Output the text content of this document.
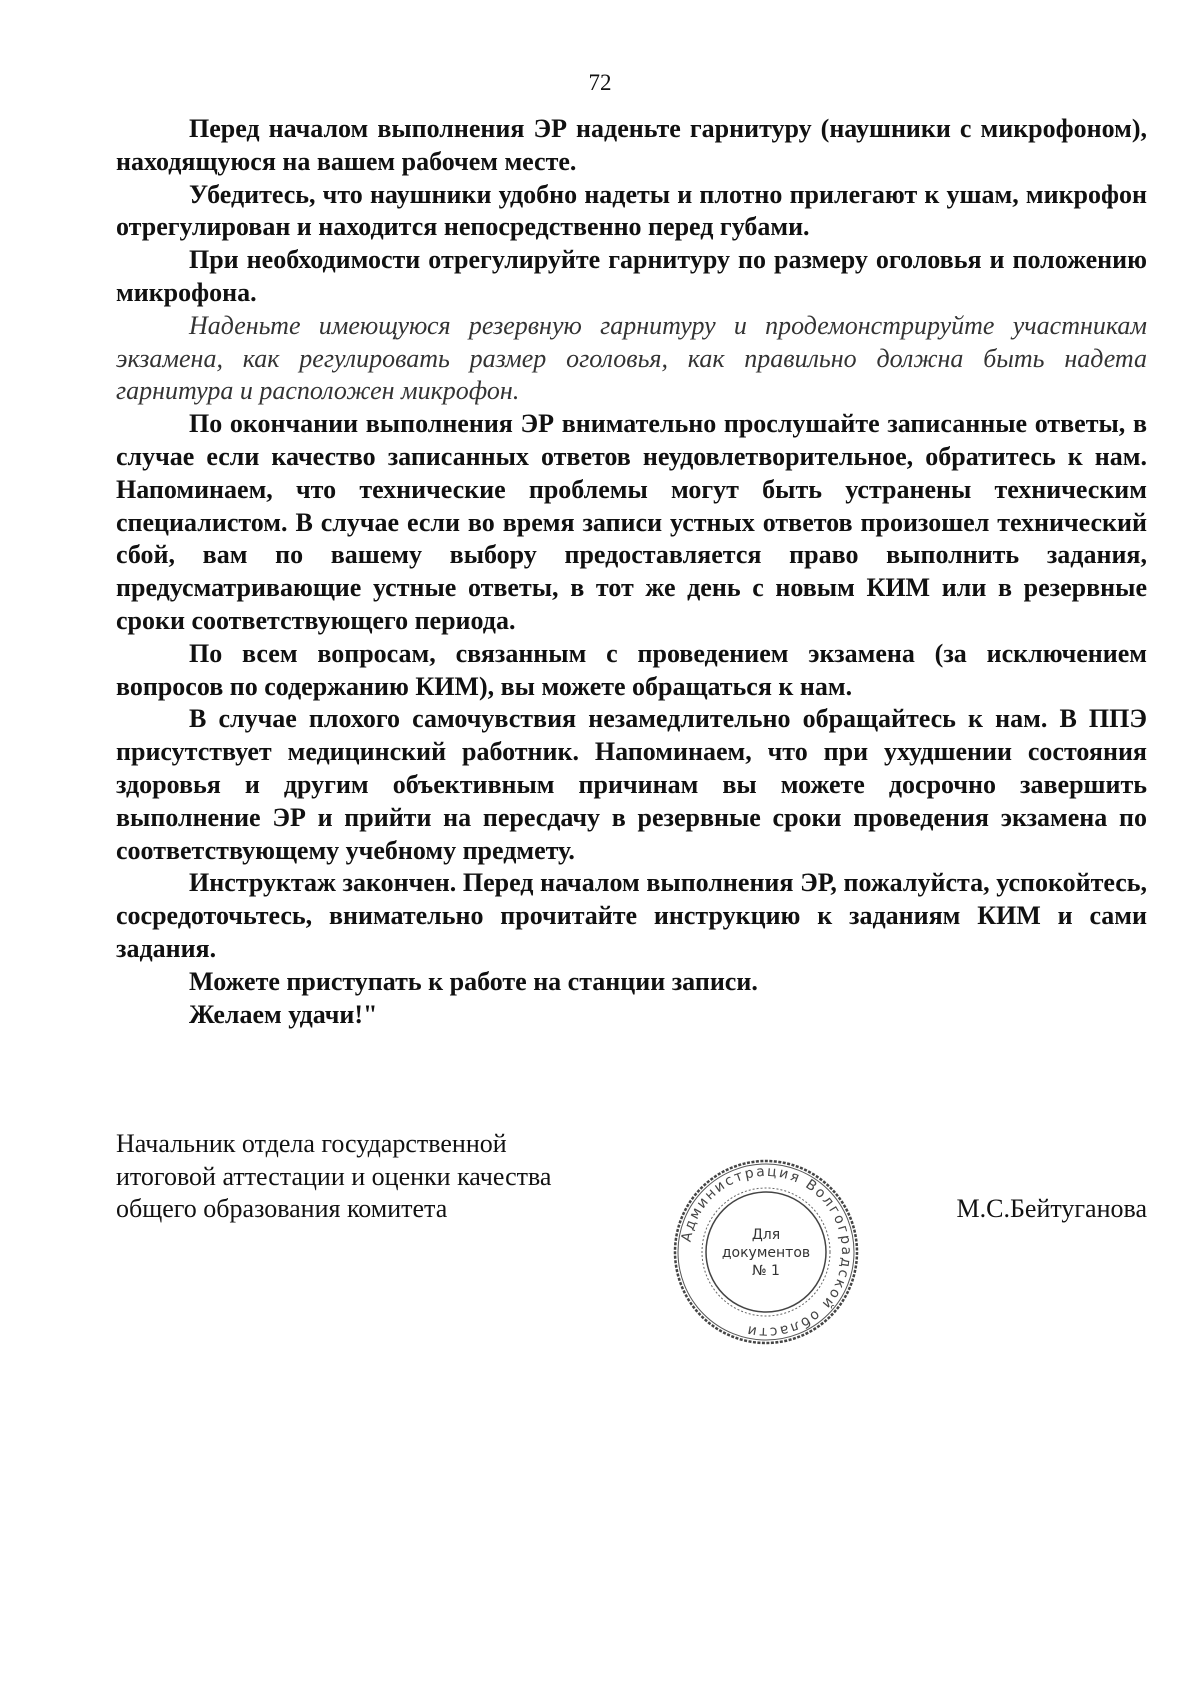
72

Перед началом выполнения ЭР наденьте гарнитуру (наушники с микрофоном), находящуюся на вашем рабочем месте.

Убедитесь, что наушники удобно надеты и плотно прилегают к ушам, микрофон отрегулирован и находится непосредственно перед губами.

При необходимости отрегулируйте гарнитуру по размеру оголовья и положению микрофона.

Наденьте имеющуюся резервную гарнитуру и продемонстрируйте участникам экзамена, как регулировать размер оголовья, как правильно должна быть надета гарнитура и расположен микрофон.

По окончании выполнения ЭР внимательно прослушайте записанные ответы, в случае если качество записанных ответов неудовлетворительное, обратитесь к нам. Напоминаем, что технические проблемы могут быть устранены техническим специалистом. В случае если во время записи устных ответов произошел технический сбой, вам по вашему выбору предоставляется право выполнить задания, предусматривающие устные ответы, в тот же день с новым КИМ или в резервные сроки соответствующего периода.

По всем вопросам, связанным с проведением экзамена (за исключением вопросов по содержанию КИМ), вы можете обращаться к нам.

В случае плохого самочувствия незамедлительно обращайтесь к нам. В ППЭ присутствует медицинский работник. Напоминаем, что при ухудшении состояния здоровья и другим объективным причинам вы можете досрочно завершить выполнение ЭР и прийти на пересдачу в резервные сроки проведения экзамена по соответствующему учебному предмету.

Инструктаж закончен. Перед началом выполнения ЭР, пожалуйста, успокойтесь, сосредоточьтесь, внимательно прочитайте инструкцию к заданиям КИМ и сами задания.

Можете приступать к работе на станции записи.

Желаем удачи!"

Начальник отдела государственной
итоговой аттестации и оценки качества
общего образования комитета
Администрация Волгоградской области
Для
документов
№ 1
М.С.Бейтуганова
